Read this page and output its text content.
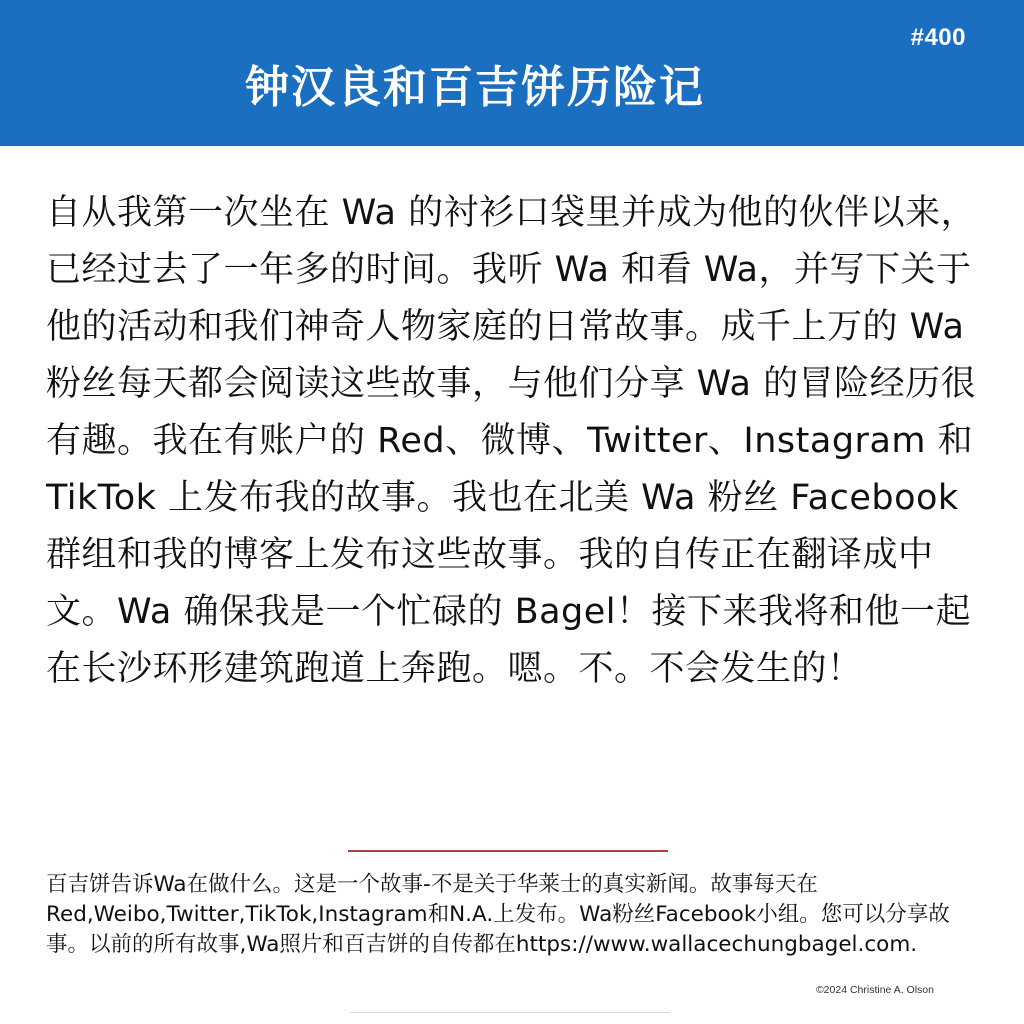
#400
钟汉良和百吉饼历险记

自从我第一次坐在 Wa 的衬衫口袋里并成为他的伙伴以来，已经过去了一年多的时间。我听 Wa 和看 Wa，并写下关于他的活动和我们神奇人物家庭的日常故事。成千上万的 Wa 粉丝每天都会阅读这些故事，与他们分享 Wa 的冒险经历很有趣。我在有账户的 Red、微博、Twitter、Instagram 和 TikTok 上发布我的故事。我也在北美 Wa 粉丝 Facebook 群组和我的博客上发布这些故事。我的自传正在翻译成中文。Wa 确保我是一个忙碌的 Bagel！接下来我将和他一起在长沙环形建筑跑道上奔跑。嗯。不。不会发生的！

百吉饼告诉Wa在做什么。这是一个故事-不是关于华莱士的真实新闻。故事每天在Red,Weibo,Twitter,TikTok,Instagram和N.A.上发布。Wa粉丝Facebook小组。您可以分享故事。以前的所有故事,Wa照片和百吉饼的自传都在https://www.wallacechungbagel.com.

©2024 Christine A. Olson
